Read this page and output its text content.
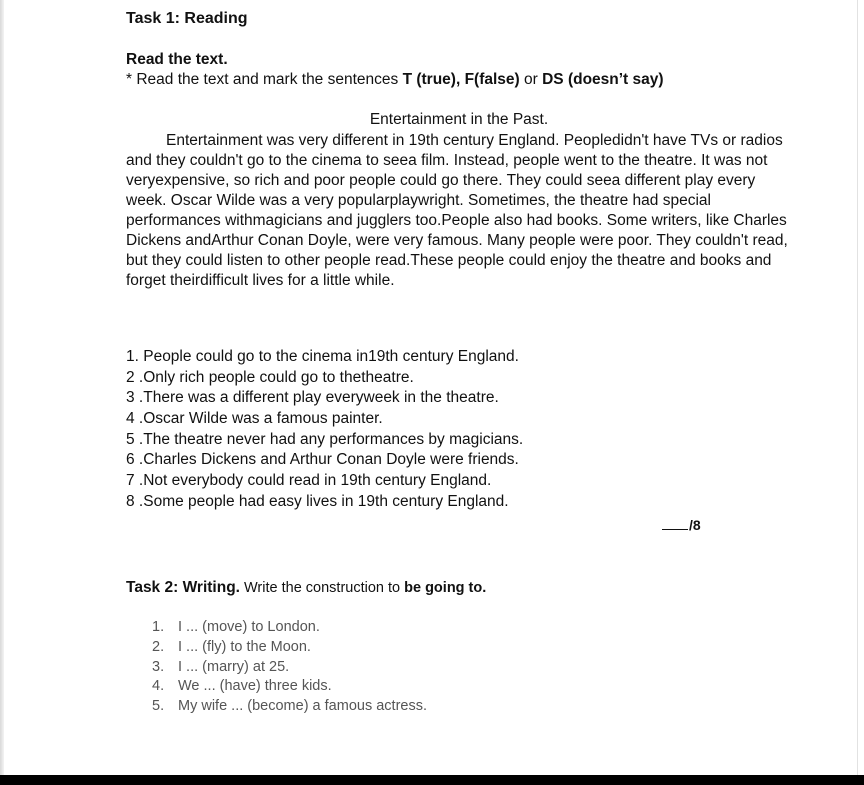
Task 1: Reading
Read the text.
* Read the text and mark the sentences T (true), F(false) or DS (doesn’t say)
Entertainment in the Past.

Entertainment was very different in 19th century England. Peopledidn't have TVs or radios and they couldn't go to the cinema to seea film. Instead, people went to the theatre. It was not veryexpensive, so rich and poor people could go there. They could seea different play every week. Oscar Wilde was a very popularplaywright. Sometimes, the theatre had special performances withmagicians and jugglers too.People also had books. Some writers, like Charles Dickens andArthur Conan Doyle, were very famous. Many people were poor. They couldn't read, but they could listen to other people read.These people could enjoy the theatre and books and forget theirdifficult lives for a little while.

1. People could go to the cinema in19th century England.
2 .Only rich people could go to thetheatre.
3 .There was a different play everyweek in the theatre.
4 .Oscar Wilde was a famous painter.
5 .The theatre never had any performances by magicians.
6 .Charles Dickens and Arthur Conan Doyle were friends.
7 .Not everybody could read in 19th century England.
8 .Some people had easy lives in 19th century England.
/8
Task 2: Writing. Write the construction to be going to.
1. I ... (move) to London.
2. I ... (fly) to the Moon.
3. I ... (marry) at 25.
4. We ... (have) three kids.
5. My wife ... (become) a famous actress.
